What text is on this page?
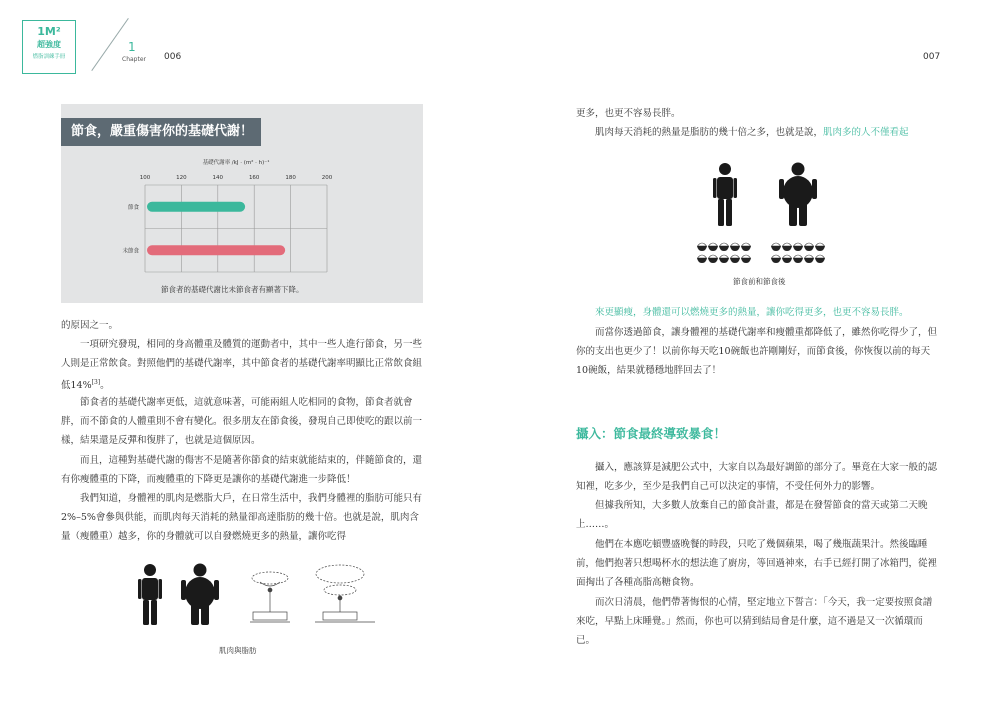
1M²
超強度
燃脂訓練手冊
1
Chapter 006	007
節食，嚴重傷害你的基礎代謝！
基礎代謝率 /kJ · (m² · h)⁻¹
100	120	140	160	180	200
節食
未節食
節食者的基礎代謝比未節食者有顯著下降。
的原因之一。
一項研究發現，相同的身高體重及體質的運動者中，其中一些人進行節食，另一些人則是正常飲食。對照他們的基礎代謝率，其中節食者的基礎代謝率明顯比正常飲食組低14%[3]。
節食者的基礎代謝率更低，這就意味著，可能兩組人吃相同的食物，節食者就會胖，而不節食的人體重則不會有變化。很多朋友在節食後，發現自己即使吃的跟以前一樣，結果還是反彈和復胖了，也就是這個原因。
而且，這種對基礎代謝的傷害不是隨著你節食的結束就能結束的，伴隨節食的，還有你瘦體重的下降，而瘦體重的下降更是讓你的基礎代謝進一步降低！
我們知道，身體裡的肌肉是燃脂大戶，在日常生活中，我們身體裡的脂肪可能只有2%–5%會參與供能，而肌肉每天消耗的熱量卻高達脂肪的幾十倍。也就是說，肌肉含量（瘦體重）越多，你的身體就可以自發燃燒更多的熱量，讓你吃得
肌肉與脂肪
更多，也更不容易長胖。
肌肉每天消耗的熱量是脂肪的幾十倍之多，也就是說，肌肉多的人不僅看起
節食前和節食後
來更顯瘦，身體還可以燃燒更多的熱量，讓你吃得更多，也更不容易長胖。
而當你透過節食，讓身體裡的基礎代謝率和瘦體重都降低了，雖然你吃得少了，但你的支出也更少了！以前你每天吃10碗飯也許剛剛好，而節食後，你恢復以前的每天10碗飯，結果就穩穩地胖回去了！
攝入：節食最終導致暴食！
攝入，應該算是減肥公式中，大家自以為最好調節的部分了。畢竟在大家一般的認知裡，吃多少，至少是我們自己可以決定的事情，不受任何外力的影響。
但據我所知，大多數人放棄自己的節食計畫，都是在發誓節食的當天或第二天晚上……。
他們在本應吃頓豐盛晚餐的時段，只吃了幾個蘋果，喝了幾瓶蔬果汁。然後臨睡前，他們抱著只想喝杯水的想法進了廚房，等回過神來，右手已經打開了冰箱門，從裡面掏出了各種高脂高糖食物。
而次日清晨，他們帶著悔恨的心情，堅定地立下誓言：「今天，我一定要按照食譜來吃，早點上床睡覺。」然而，你也可以猜到結局會是什麼，這不過是又一次循環而已。
